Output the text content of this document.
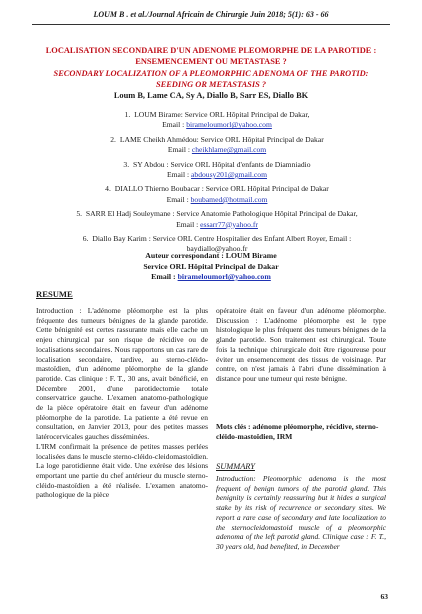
LOUM B . et al./Journal Africain de Chirurgie Juin 2018; 5(1): 63 - 66
LOCALISATION SECONDAIRE D'UN ADENOME PLEOMORPHE DE LA PAROTIDE : ENSEMENCEMENT OU METASTASE ?
SECONDARY LOCALIZATION OF A PLEOMORPHIC ADENOMA OF THE PAROTID: SEEDING OR METASTASIS ?
Loum B, Lame CA, Sy A, Diallo B, Sarr ES, Diallo BK
1. LOUM Birame: Service ORL Hôpital Principal de Dakar,
Email : birameloumorl@yahoo.com
2. LAME Cheikh Ahmédou: Service ORL Hôpital Principal de Dakar
Email : cheikhlame@gmail.com
3. SY Abdou : Service ORL Hôpital d'enfants de Diamniadio
Email : abdousy201@gmail.com
4. DIALLO Thierno Boubacar : Service ORL Hôpital Principal de Dakar
Email : boubamed@hotmail.com
5. SARR El Hadj Souleymane : Service Anatomie Pathologique Hôpital Principal de Dakar, Email : essarr77@yahoo.fr
6. Diallo Bay Karim : Service ORL Centre Hospitalier des Enfant Albert Royer, Email : baydiallo@yahoo.fr
Auteur correspondant : LOUM Birame
Service ORL Hôpital Principal de Dakar
Email : birameloumorl@yahoo.com
RESUME

Introduction : L'adénome pléomorphe est la plus fréquente des tumeurs bénignes de la glande parotide. Cette bénignité est certes rassurante mais elle cache un enjeu chirurgical par son risque de récidive ou de localisations secondaires. Nous rapportons un cas rare de localisation secondaire, tardive, au sterno-cléido-mastoïdien, d'un adénome pléomorphe de la glande parotide. Cas clinique : F. T., 30 ans, avait bénéficié, en Décembre 2001, d'une parotidectomie totale conservatrice gauche. L'examen anatomo-pathologique de la pièce opératoire était en faveur d'un adénome pléomorphe de la parotide. La patiente a été revue en consultation, en Janvier 2013, pour des petites masses latérocervicales gauches disséminées.

L'IRM confirmait la présence de petites masses perlées localisées dans le muscle sterno-cléido-cleidomastoïdien. La loge parotidienne était vide. Une exérèse des lésions emportant une partie du chef antérieur du muscle sterno-cléido-mastoïdien a été réalisée. L'examen anatomo-pathologique de la pièce

opératoire était en faveur d'un adénome pléomorphe. Discussion : L'adénome pléomorphe est le type histologique le plus fréquent des tumeurs bénignes de la glande parotide. Son traitement est chirurgical. Toute fois la technique chirurgicale doit être rigoureuse pour éviter un ensemencement des tissus de voisinage. Par contre, on n'est jamais à l'abri d'une dissémination à distance pour une tumeur qui reste bénigne.

Mots clés : adénome pléomorphe, récidive, sterno-cléido-mastoïdien, IRM
SUMMARY
Introduction: Pleomorphic adenoma is the most frequent of benign tumors of the parotid gland. This benignity is certainly reassuring but it hides a surgical stake by its risk of recurrence or secondary sites. We report a rare case of secondary and late localization to the sternocleidomastoid muscle of a pleomorphic adenoma of the left parotid gland. Clinique case : F. T., 30 years old, had benefited, in December
63
